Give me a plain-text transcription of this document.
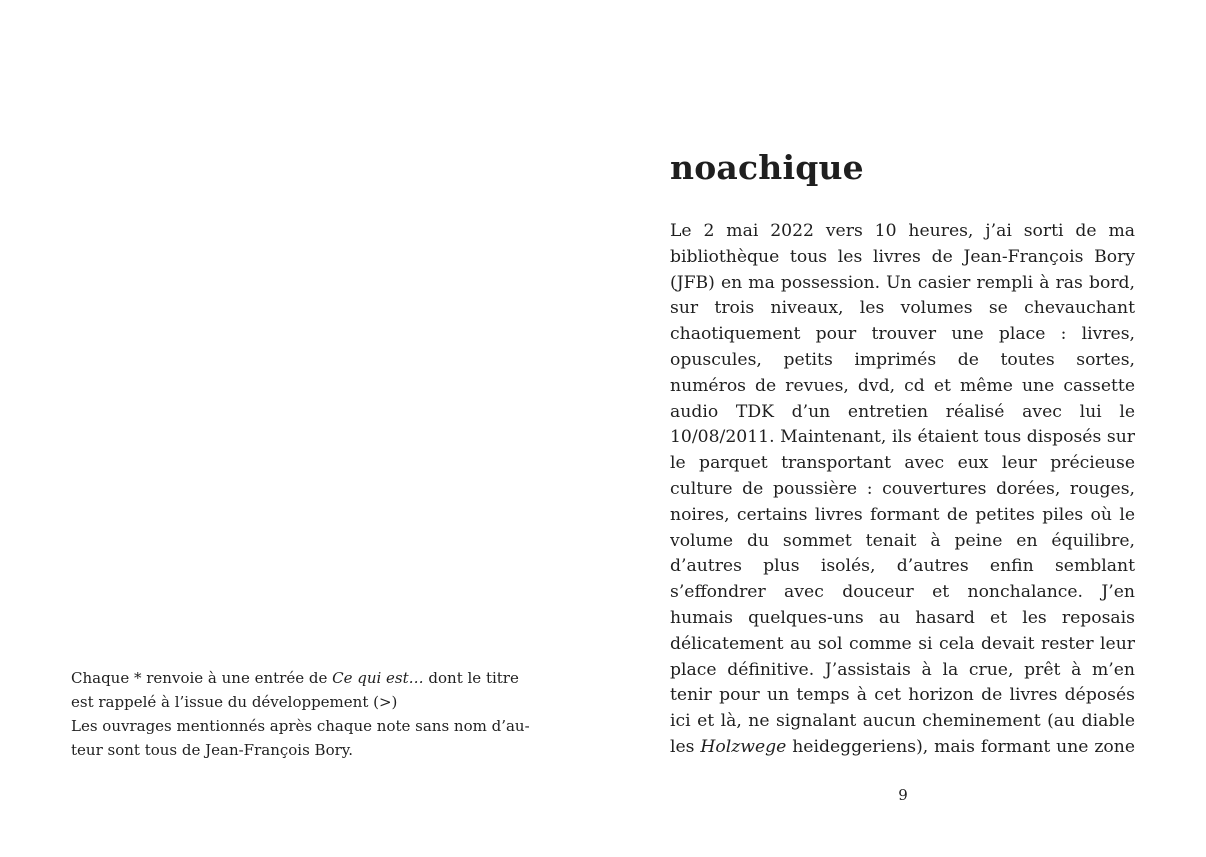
Chaque * renvoie à une entrée de Ce qui est… dont le titre est rappelé à l’issue du développement (>)

Les ouvrages mentionnés après chaque note sans nom d’auteur sont tous de Jean-François Bory.

noachique

Le 2 mai 2022 vers 10 heures, j’ai sorti de ma bibliothèque tous les livres de Jean-François Bory (JFB) en ma possession. Un casier rempli à ras bord, sur trois niveaux, les volumes se chevauchant chaotiquement pour trouver une place : livres, opuscules, petits imprimés de toutes sortes, numéros de revues, dvd, cd et même une cassette audio TDK d’un entretien réalisé avec lui le 10/08/2011. Maintenant, ils étaient tous disposés sur le parquet transportant avec eux leur précieuse culture de poussière : couvertures dorées, rouges, noires, certains livres formant de petites piles où le volume du sommet tenait à peine en équilibre, d’autres plus isolés, d’autres enfin semblant s’effondrer avec douceur et nonchalance. J’en humais quelques-uns au hasard et les reposais délicatement au sol comme si cela devait rester leur place définitive. J’assistais à la crue, prêt à m’en tenir pour un temps à cet horizon de livres déposés ici et là, ne signalant aucun cheminement (au diable les Holzwege heideggeriens), mais formant une zone

9
